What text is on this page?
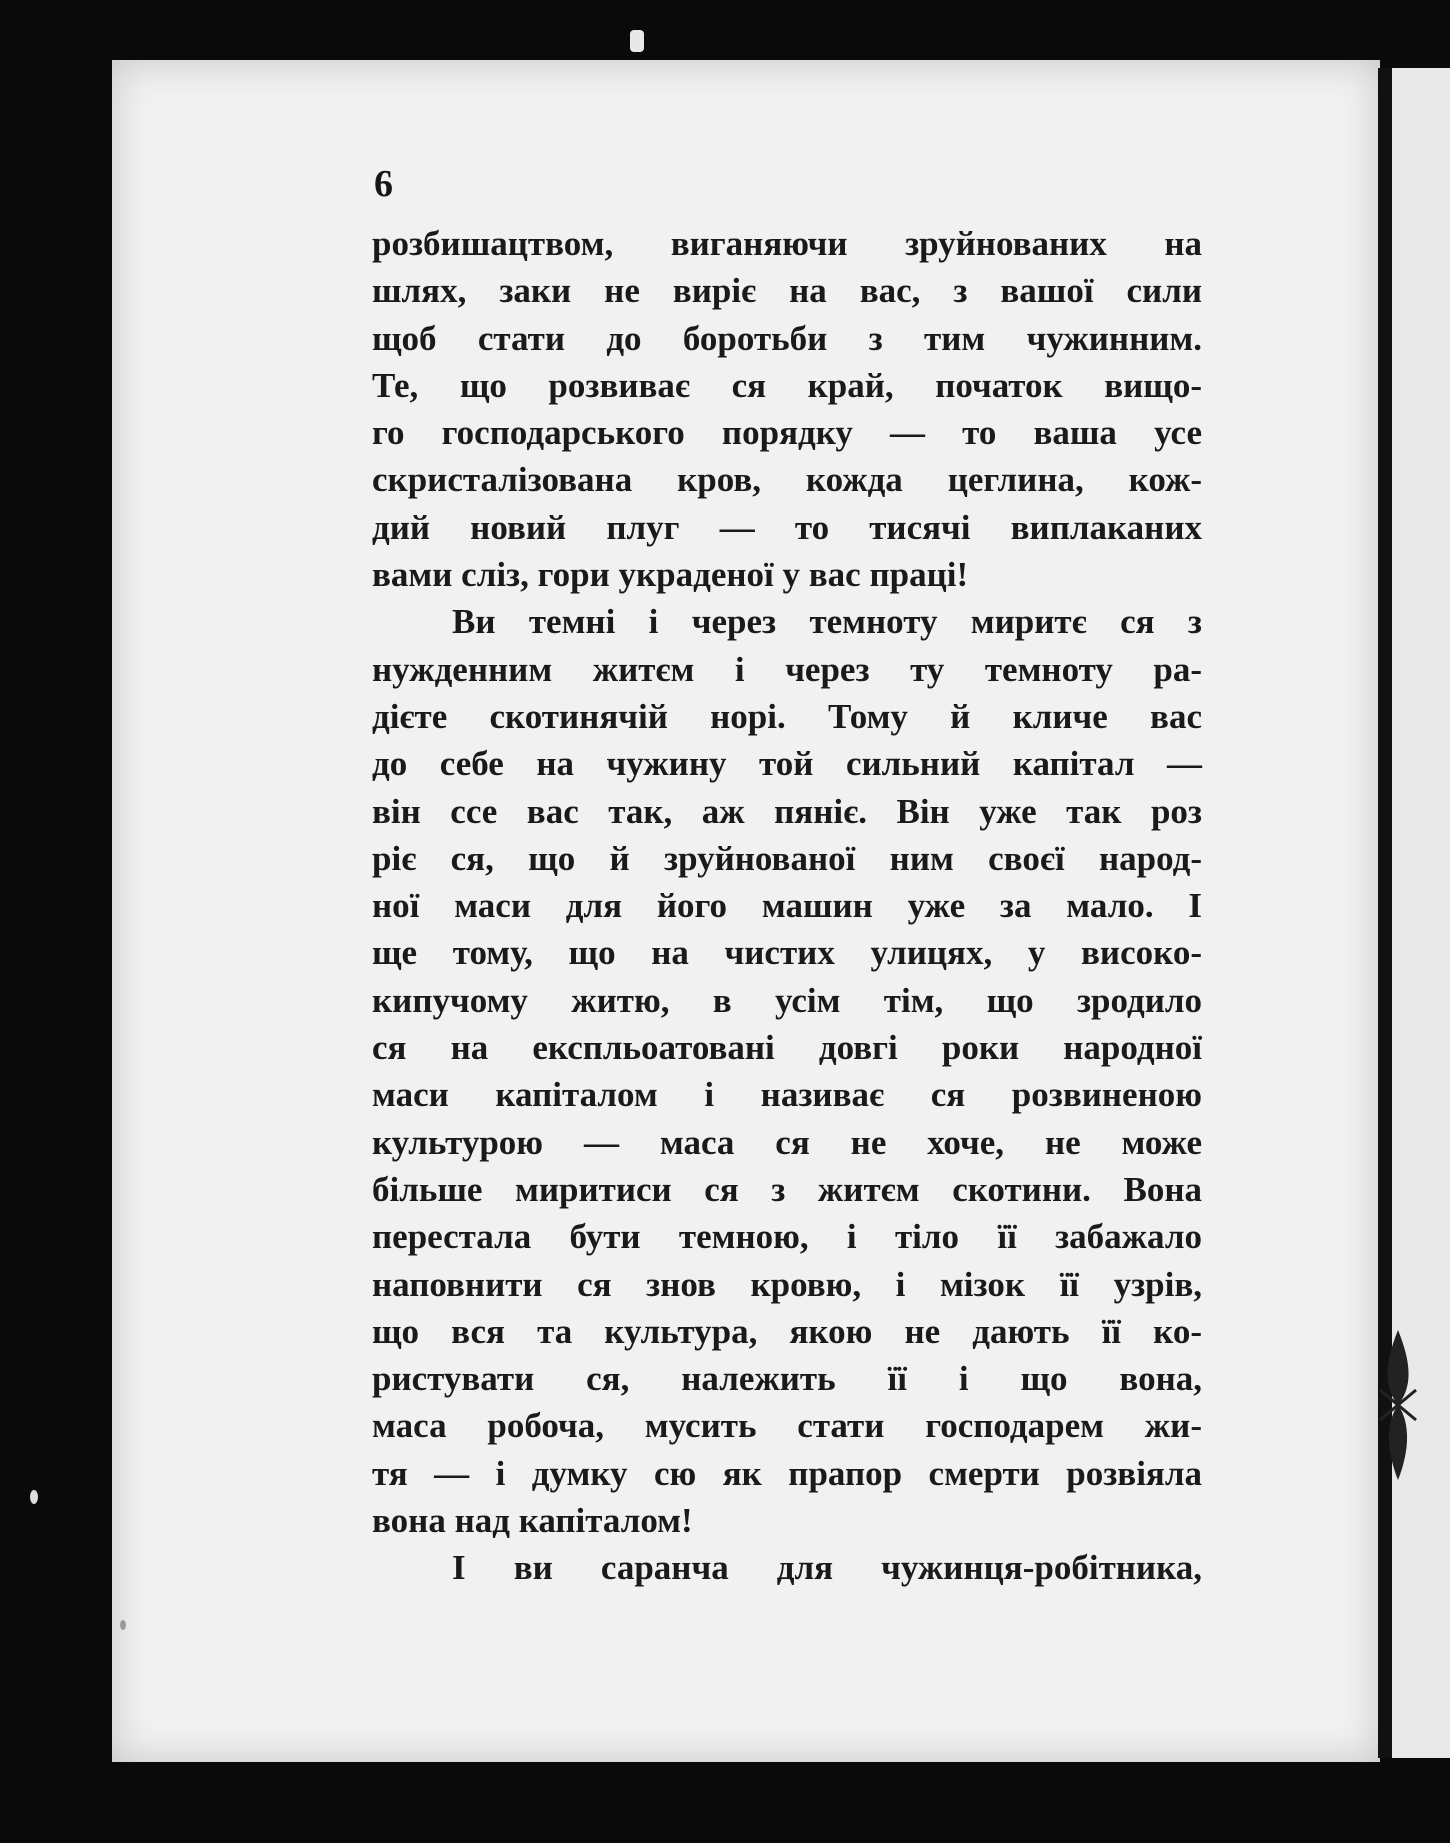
6
розбишацтвом, виганяючи зруйнованих на
шлях, заки не виріє на вас, з вашої сили
щоб стати до боротьби з тим чужинним.
Те, що розвиває ся край, початок вищо-
го господарського порядку — то ваша усе
скристалізована кров, кожда цеглина, кож-
дий новий плуг — то тисячі виплаканих
вами сліз, гори украденої у вас праці!
Ви темні і через темноту миритє ся з
нужденним житєм і через ту темноту ра-
дієте скотинячій норі. Тому й кличе вас
до себе на чужину той сильний капітал —
він ссе вас так, аж пяніє. Він уже так роз
ріє ся, що й зруйнованої ним своєї народ-
ної маси для його машин уже за мало. І
ще тому, що на чистих улицях, у високо-
кипучому житю, в усім тім, що зродило
ся на експльоатовані довгі роки народної
маси капіталом і називає ся розвиненою
культурою — маса ся не хоче, не може
більше миритиси ся з житєм скотини. Вона
перестала бути темною, і тіло її забажало
наповнити ся знов кровю, і мізок її узрів,
що вся та культура, якою не дають її ко-
ристувати ся, належить її і що вона,
маса робоча, мусить стати господарем жи-
тя — і думку сю як прапор смерти розвіяла
вона над капіталом!
І ви саранча для чужинця-робітника,
